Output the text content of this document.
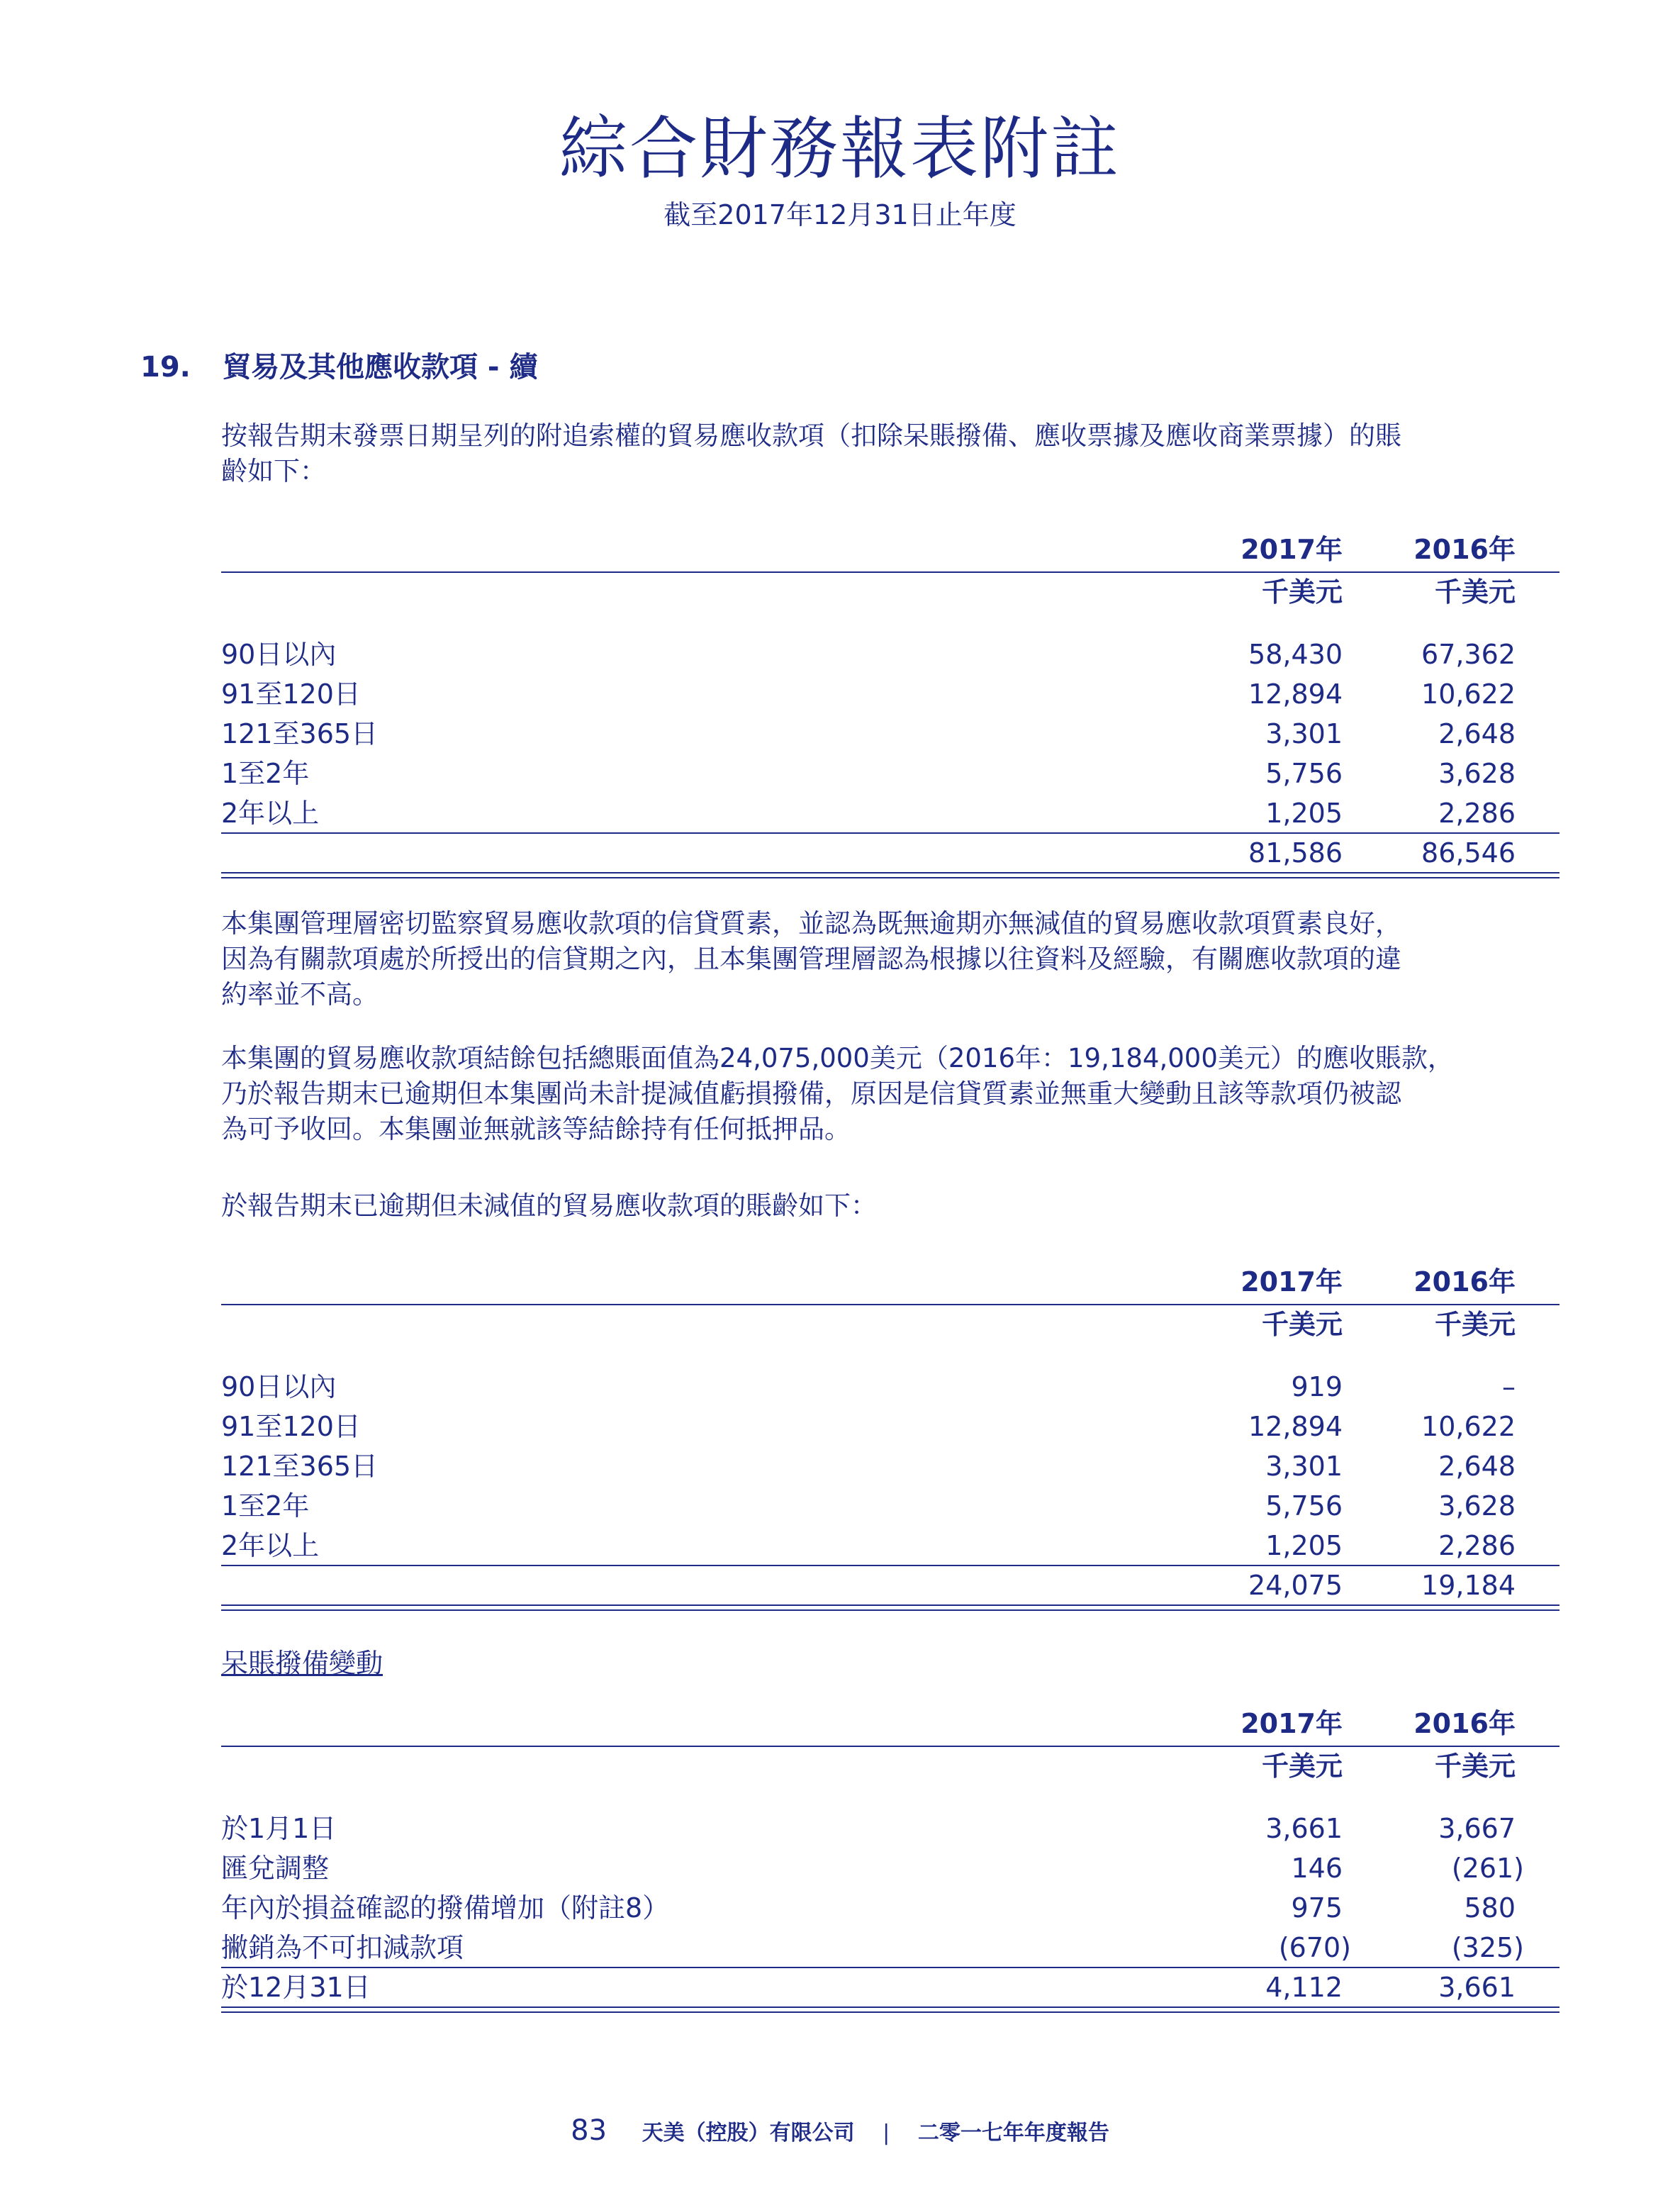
綜合財務報表附註
截至2017年12月31日止年度
19. 貿易及其他應收款項 - 續
按報告期末發票日期呈列的附追索權的貿易應收款項（扣除呆賬撥備、應收票據及應收商業票據）的賬
齡如下：
2017年	2016年
千美元	千美元
90日以內	58,430	67,362
91至120日	12,894	10,622
121至365日	3,301	2,648
1至2年	5,756	3,628
2年以上	1,205	2,286
81,586	86,546
本集團管理層密切監察貿易應收款項的信貸質素，並認為既無逾期亦無減值的貿易應收款項質素良好，
因為有關款項處於所授出的信貸期之內，且本集團管理層認為根據以往資料及經驗，有關應收款項的違
約率並不高。
本集團的貿易應收款項結餘包括總賬面值為24,075,000美元（2016年：19,184,000美元）的應收賬款，
乃於報告期末已逾期但本集團尚未計提減值虧損撥備，原因是信貸質素並無重大變動且該等款項仍被認
為可予收回。本集團並無就該等結餘持有任何抵押品。
於報告期末已逾期但未減值的貿易應收款項的賬齡如下：
2017年	2016年
千美元	千美元
90日以內	919	–
91至120日	12,894	10,622
121至365日	3,301	2,648
1至2年	5,756	3,628
2年以上	1,205	2,286
24,075	19,184
呆賬撥備變動
2017年	2016年
千美元	千美元
於1月1日	3,661	3,667
匯兌調整	146	(261)
年內於損益確認的撥備增加（附註8）	975	580
撇銷為不可扣減款項	(670)	(325)
於12月31日	4,112	3,661
83 天美（控股）有限公司 | 二零一七年年度報告
